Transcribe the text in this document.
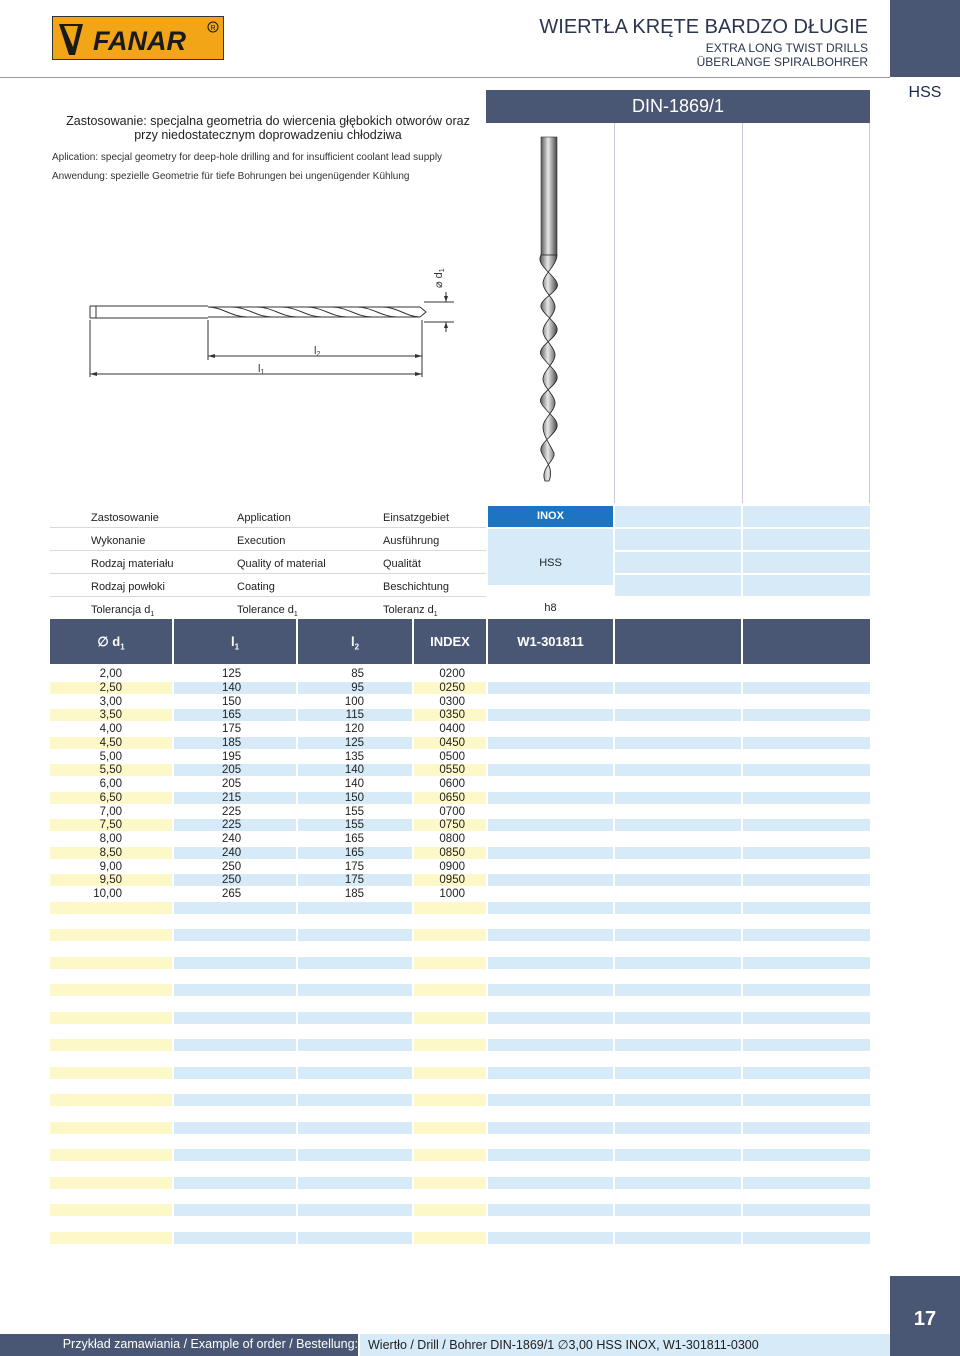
HSS
17
FANAR	R	WIERTŁA KRĘTE BARDZO DŁUGIE
EXTRA LONG TWIST DRILLS
ÜBERLANGE SPIRALBOHRER
Zastosowanie: specjalna geometria do wiercenia głębokich otworów oraz
przy niedostatecznym doprowadzeniu chłodziwa
Aplication: specjal geometry for deep-hole drilling and for insufficient coolant lead supply
Anwendung: spezielle Geometrie für tiefe Bohrungen bei ungenügender Kühlung
DIN-1869/1
l2
l1
⌀ d1
Zastosowanie	Application	Einsatzgebiet
Wykonanie	Execution	Ausführung
Rodzaj materiału	Quality of material	Qualität
Rodzaj powłoki	Coating	Beschichtung
Tolerancja $d_1$	Tolerance $d_1$	Toleranz $d_1$
INOX
HSS
h8
∅ $d_1$	$l_1$	$l_2$	INDEX	W1-301811
2,00	125	85	0200
2,50	140	95	0250
3,00	150	100	0300
3,50	165	115	0350
4,00	175	120	0400
4,50	185	125	0450
5,00	195	135	0500
5,50	205	140	0550
6,00	205	140	0600
6,50	215	150	0650
7,00	225	155	0700
7,50	225	155	0750
8,00	240	165	0800
8,50	240	165	0850
9,00	250	175	0900
9,50	250	175	0950
10,00	265	185	1000
Przykład zamawiania / Example of order / Bestellung: Wiertło / Drill / Bohrer DIN-1869/1 ∅3,00 HSS INOX, W1-301811-0300
